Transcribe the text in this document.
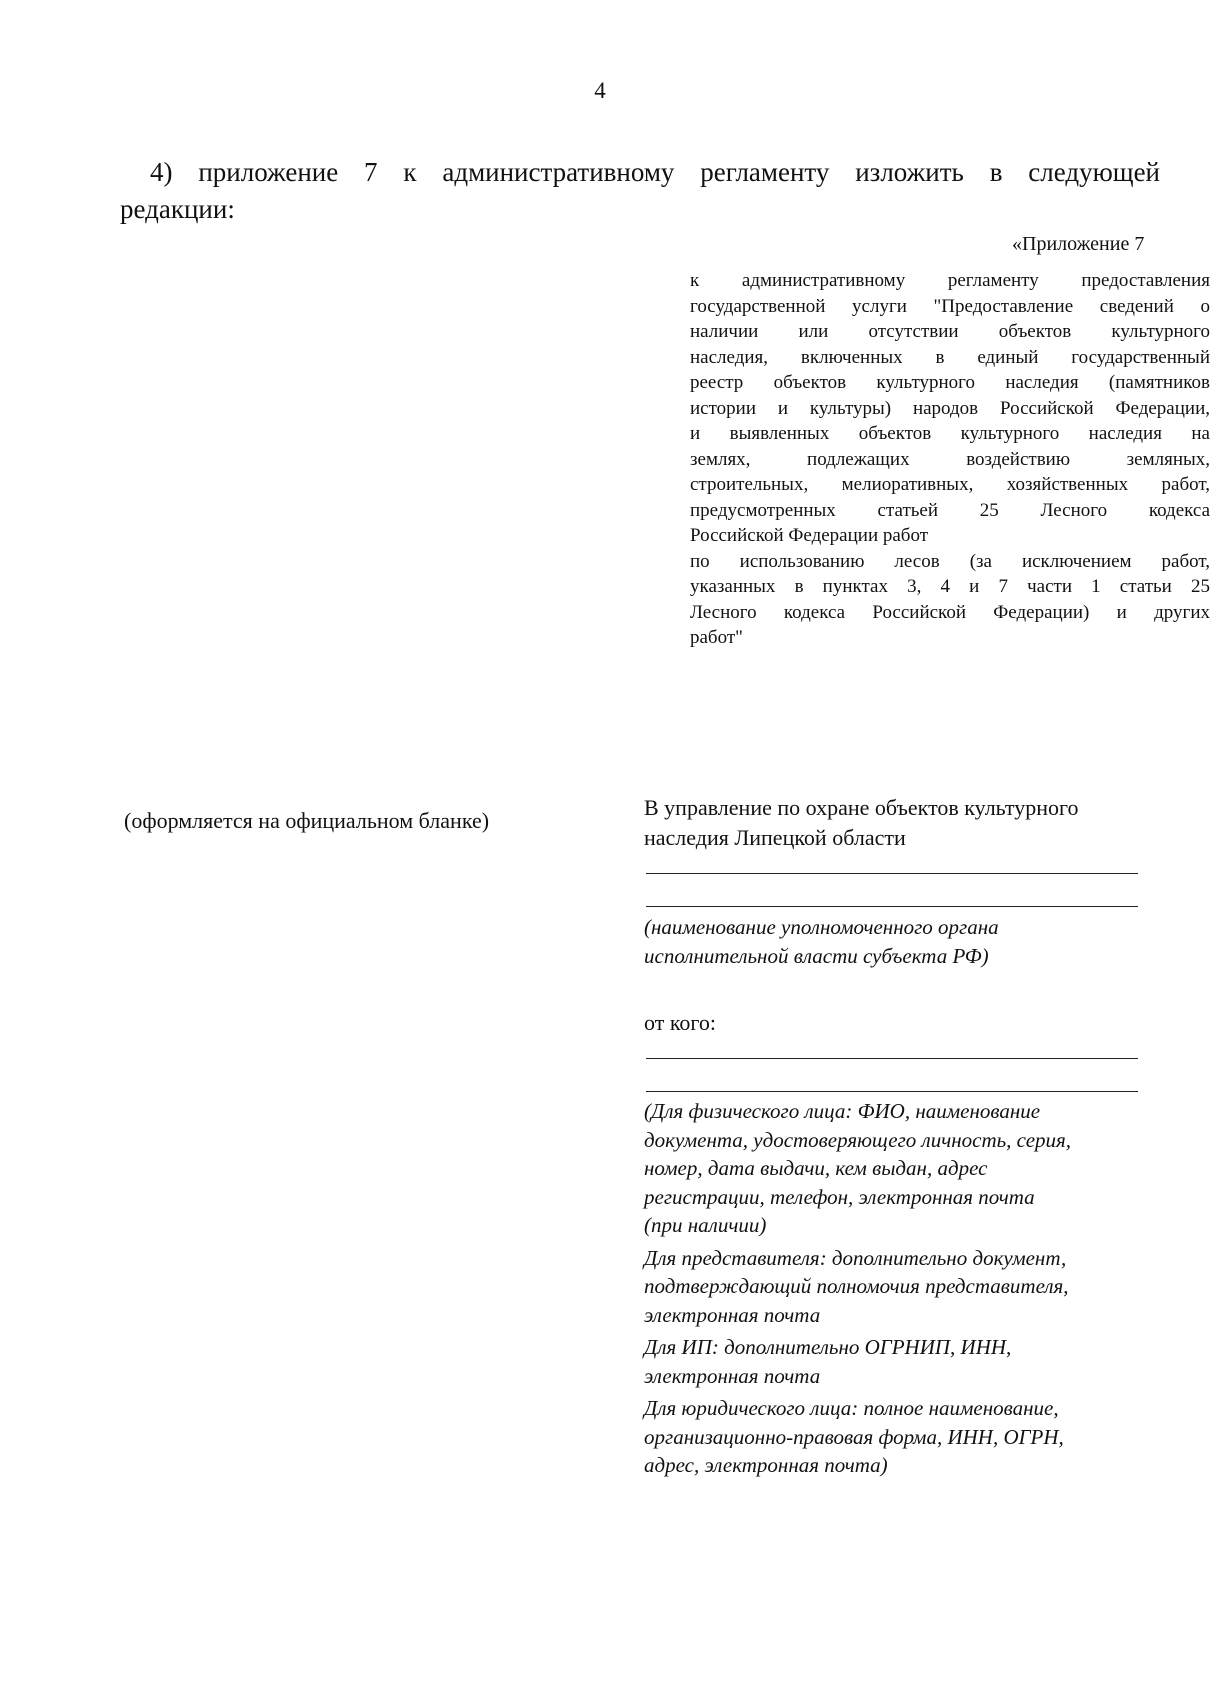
4
4) приложение 7 к административному регламенту изложить в следующей
редакции:
«Приложение 7
к административному регламенту предоставления
государственной услуги "Предоставление сведений о
наличии или отсутствии объектов культурного
наследия, включенных в единый государственный
реестр объектов культурного наследия (памятников
истории и культуры) народов Российской Федерации,
и выявленных объектов культурного наследия на
землях, подлежащих воздействию земляных,
строительных, мелиоративных, хозяйственных работ,
предусмотренных статьей 25 Лесного кодекса
Российской Федерации работ
по использованию лесов (за исключением работ,
указанных в пунктах 3, 4 и 7 части 1 статьи 25
Лесного кодекса Российской Федерации) и других
работ"
(оформляется на официальном бланке)
В управление по охране объектов культурного
наследия Липецкой области
(наименование уполномоченного органа
исполнительной власти субъекта РФ)
от кого:
(Для физического лица: ФИО, наименование
документа, удостоверяющего личность, серия,
номер, дата выдачи, кем выдан, адрес
регистрации, телефон, электронная почта
(при наличии)
Для представителя: дополнительно документ,
подтверждающий полномочия представителя,
электронная почта
Для ИП: дополнительно ОГРНИП, ИНН,
электронная почта
Для юридического лица: полное наименование,
организационно-правовая форма, ИНН, ОГРН,
адрес, электронная почта)
